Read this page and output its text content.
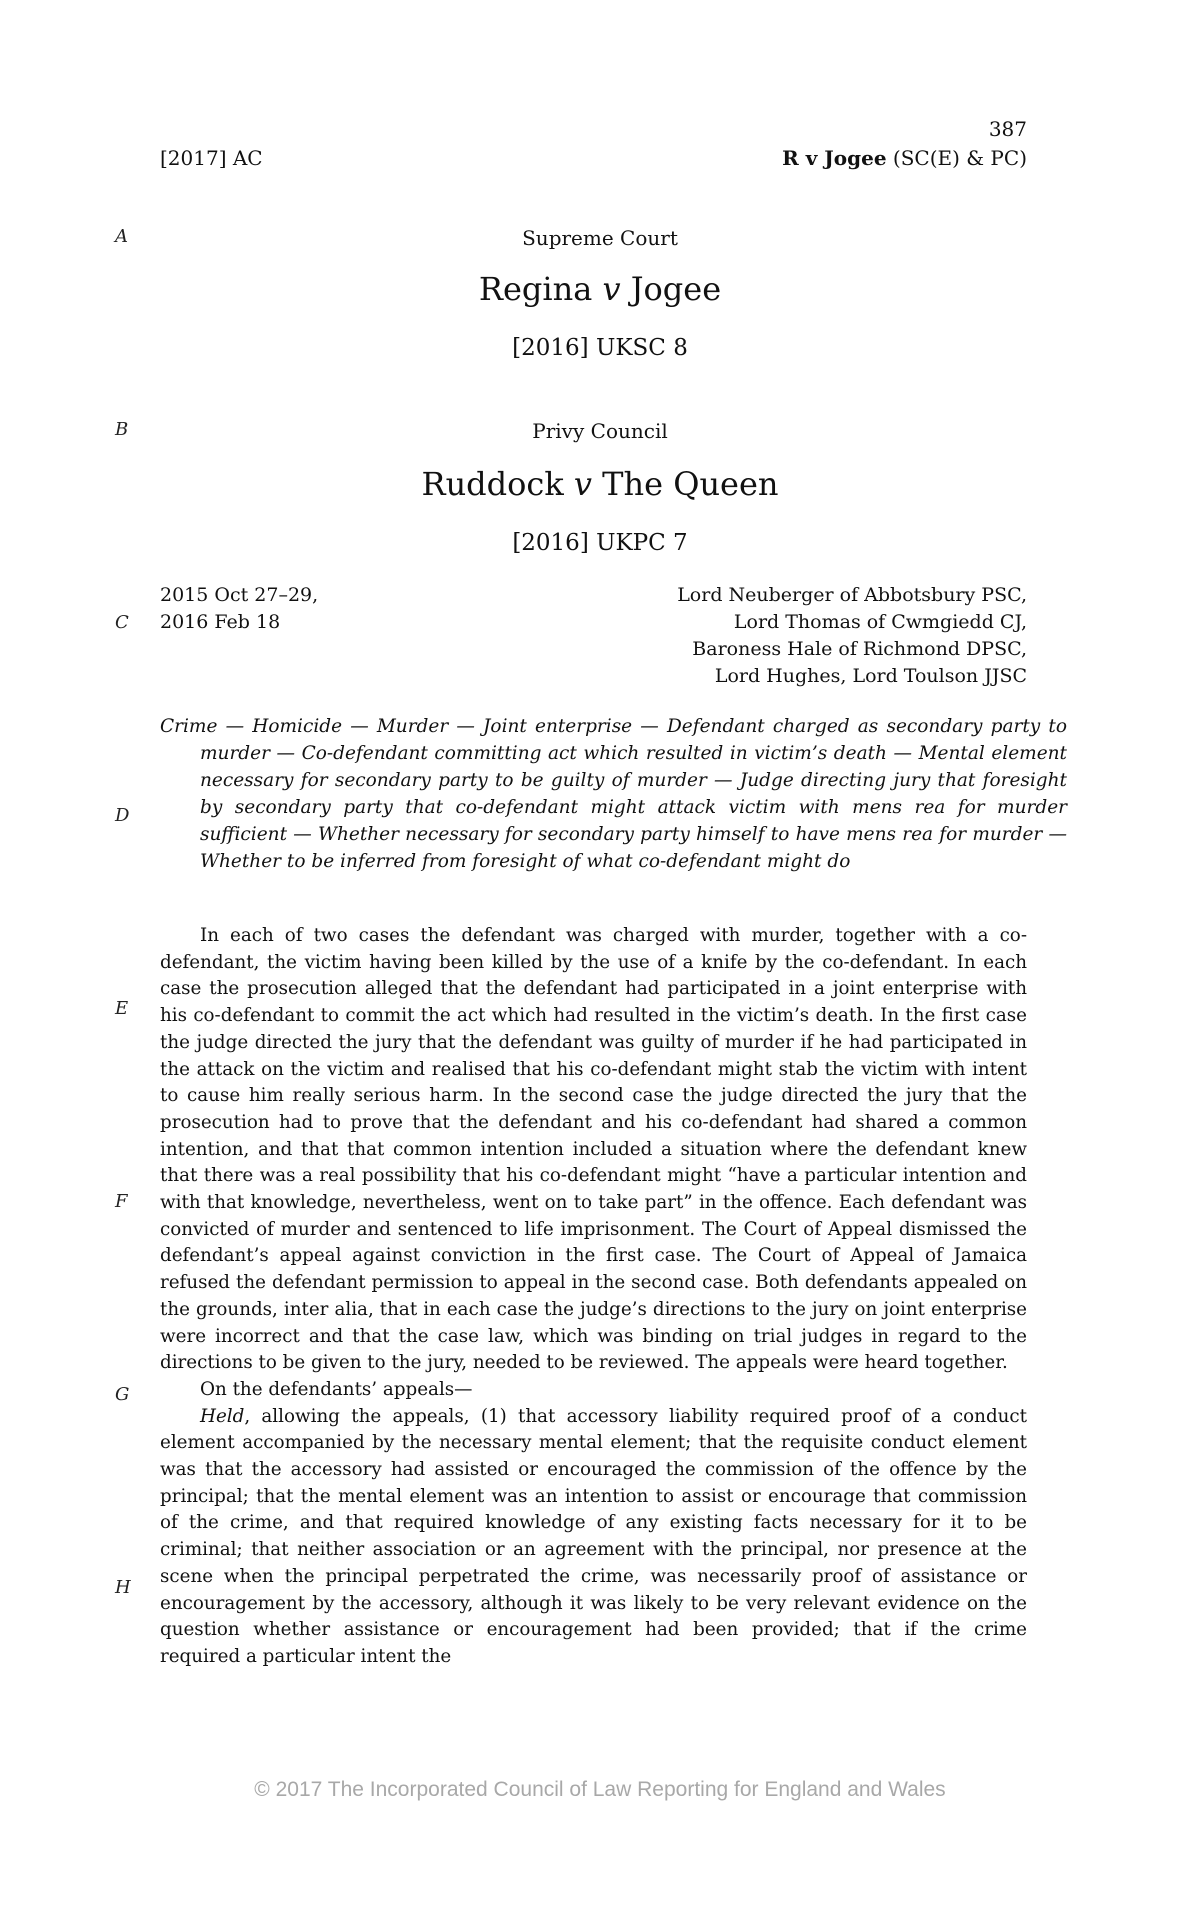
387
[2017] AC	R v Jogee (SC(E) & PC)
A
B
C
D
E
F
G
H
Supreme Court
Regina v Jogee
[2016] UKSC 8
Privy Council
Ruddock v The Queen
[2016] UKPC 7
2015 Oct 27–29,
2016 Feb 18
Lord Neuberger of Abbotsbury PSC,
Lord Thomas of Cwmgiedd CJ,
Baroness Hale of Richmond DPSC,
Lord Hughes, Lord Toulson JJSC
Crime — Homicide — Murder — Joint enterprise — Defendant charged as secondary party to murder — Co-defendant committing act which resulted in victim’s death — Mental element necessary for secondary party to be guilty of murder — Judge directing jury that foresight by secondary party that co-defendant might attack victim with mens rea for murder sufficient — Whether necessary for secondary party himself to have mens rea for murder — Whether to be inferred from foresight of what co-defendant might do

In each of two cases the defendant was charged with murder, together with a co-defendant, the victim having been killed by the use of a knife by the co-defendant. In each case the prosecution alleged that the defendant had participated in a joint enterprise with his co-defendant to commit the act which had resulted in the victim’s death. In the first case the judge directed the jury that the defendant was guilty of murder if he had participated in the attack on the victim and realised that his co-defendant might stab the victim with intent to cause him really serious harm. In the second case the judge directed the jury that the prosecution had to prove that the defendant and his co-defendant had shared a common intention, and that that common intention included a situation where the defendant knew that there was a real possibility that his co-defendant might “have a particular intention and with that knowledge, nevertheless, went on to take part” in the offence. Each defendant was convicted of murder and sentenced to life imprisonment. The Court of Appeal dismissed the defendant’s appeal against conviction in the first case. The Court of Appeal of Jamaica refused the defendant permission to appeal in the second case. Both defendants appealed on the grounds, inter alia, that in each case the judge’s directions to the jury on joint enterprise were incorrect and that the case law, which was binding on trial judges in regard to the directions to be given to the jury, needed to be reviewed. The appeals were heard together.

On the defendants’ appeals—

Held, allowing the appeals, (1) that accessory liability required proof of a conduct element accompanied by the necessary mental element; that the requisite conduct element was that the accessory had assisted or encouraged the commission of the offence by the principal; that the mental element was an intention to assist or encourage that commission of the crime, and that required knowledge of any existing facts necessary for it to be criminal; that neither association or an agreement with the principal, nor presence at the scene when the principal perpetrated the crime, was necessarily proof of assistance or encouragement by the accessory, although it was likely to be very relevant evidence on the question whether assistance or encouragement had been provided; that if the crime required a particular intent the

© 2017 The Incorporated Council of Law Reporting for England and Wales
